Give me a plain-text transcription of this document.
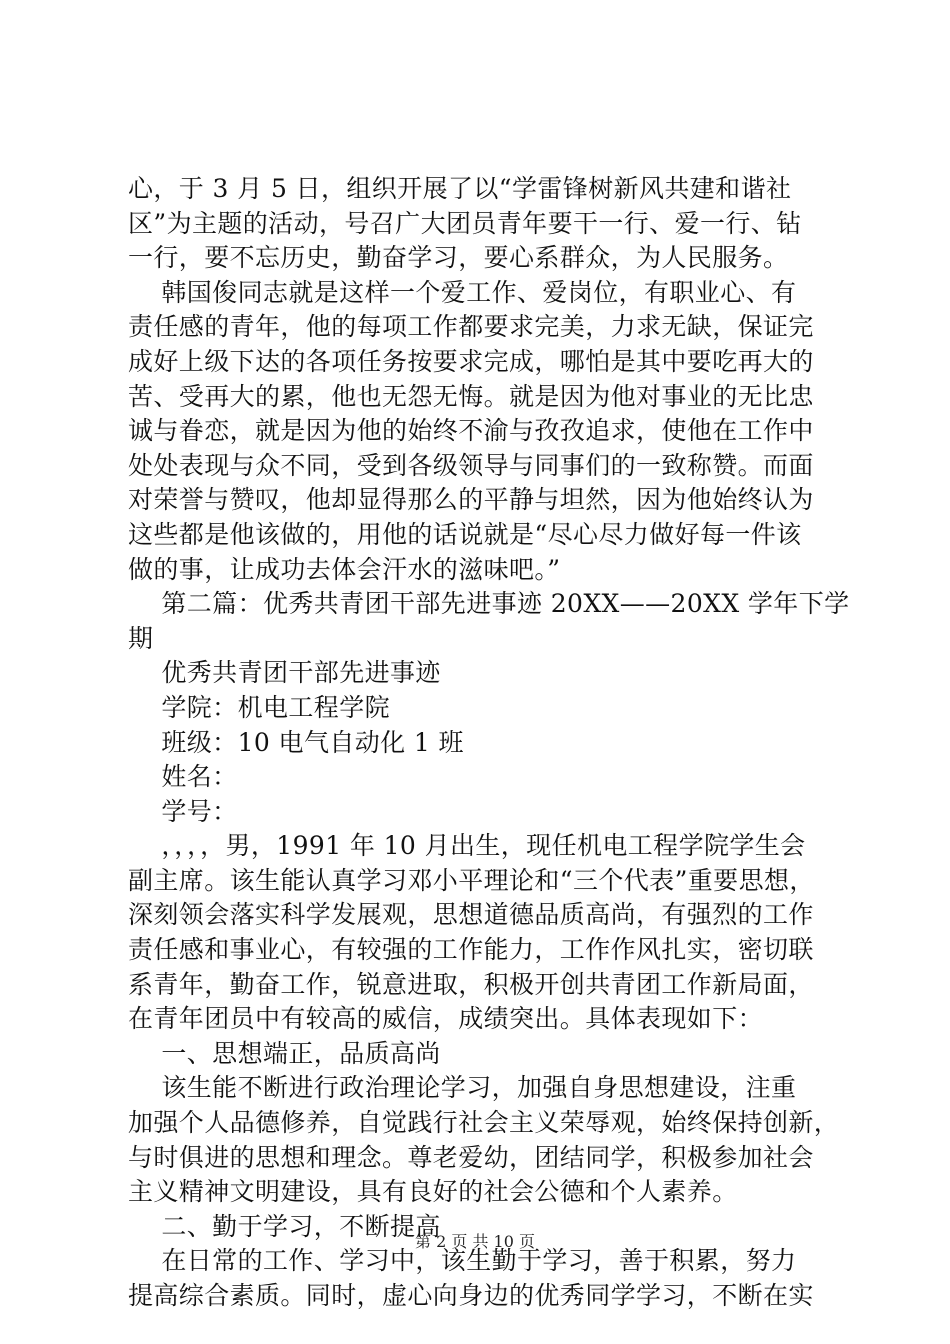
心，于 3 月 5 日，组织开展了以“学雷锋树新风共建和谐社
区”为主题的活动，号召广大团员青年要干一行、爱一行、钻
一行，要不忘历史，勤奋学习，要心系群众，为人民服务。
韩国俊同志就是这样一个爱工作、爱岗位，有职业心、有
责任感的青年，他的每项工作都要求完美，力求无缺，保证完
成好上级下达的各项任务按要求完成，哪怕是其中要吃再大的
苦、受再大的累，他也无怨无悔。就是因为他对事业的无比忠
诚与眷恋，就是因为他的始终不渝与孜孜追求，使他在工作中
处处表现与众不同，受到各级领导与同事们的一致称赞。而面
对荣誉与赞叹，他却显得那么的平静与坦然，因为他始终认为
这些都是他该做的，用他的话说就是“尽心尽力做好每一件该
做的事，让成功去体会汗水的滋味吧。”
第二篇：优秀共青团干部先进事迹 20XX——20XX 学年下学
期
优秀共青团干部先进事迹
学院：机电工程学院
班级：10 电气自动化 1 班
姓名：
学号：
，，，，男，1991 年 10 月出生，现任机电工程学院学生会
副主席。该生能认真学习邓小平理论和“三个代表”重要思想，
深刻领会落实科学发展观，思想道德品质高尚，有强烈的工作
责任感和事业心，有较强的工作能力，工作作风扎实，密切联
系青年，勤奋工作，锐意进取，积极开创共青团工作新局面，
在青年团员中有较高的威信，成绩突出。具体表现如下：
一、思想端正，品质高尚
该生能不断进行政治理论学习，加强自身思想建设，注重
加强个人品德修养，自觉践行社会主义荣辱观，始终保持创新，
与时俱进的思想和理念。尊老爱幼，团结同学，积极参加社会
主义精神文明建设，具有良好的社会公德和个人素养。
二、勤于学习，不断提高
在日常的工作、学习中，该生勤于学习，善于积累，努力
提高综合素质。同时，虚心向身边的优秀同学学习，不断在实
第 2 页 共 10 页
